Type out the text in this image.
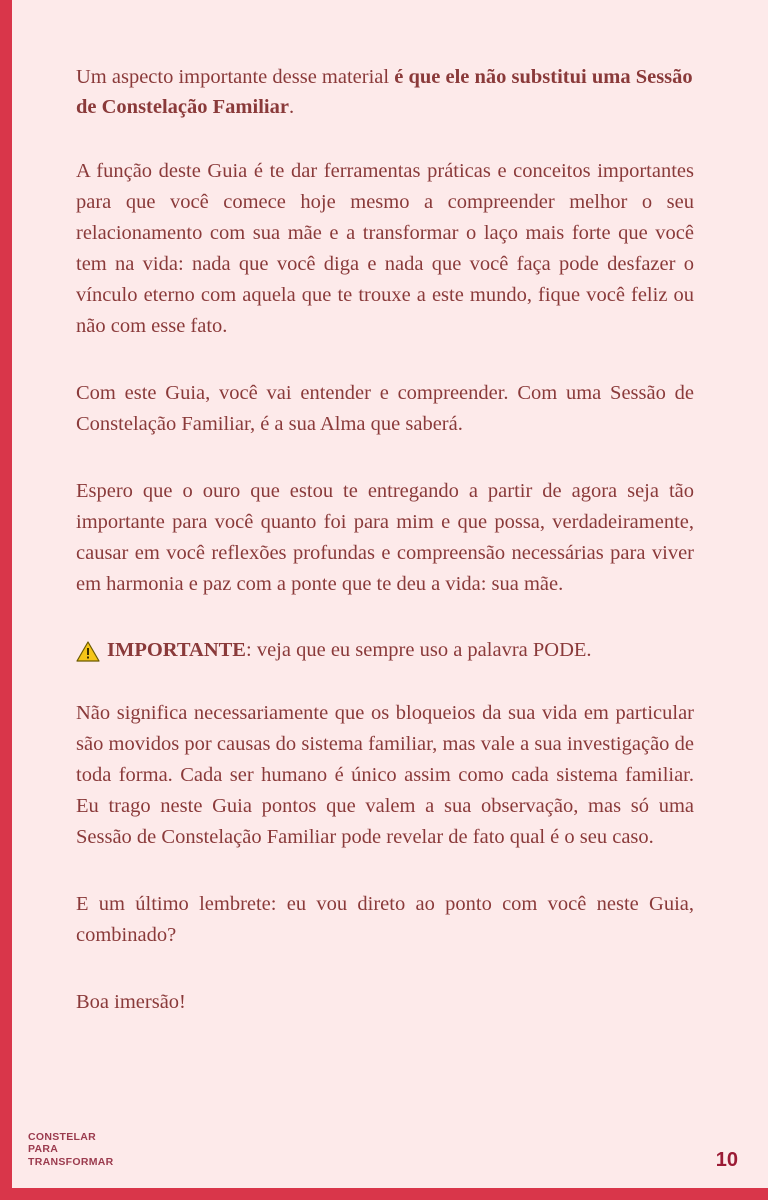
Um aspecto importante desse material é que ele não substitui uma Sessão de Constelação Familiar.

A função deste Guia é te dar ferramentas práticas e conceitos importantes para que você comece hoje mesmo a compreender melhor o seu relacionamento com sua mãe e a transformar o laço mais forte que você tem na vida: nada que você diga e nada que você faça pode desfazer o vínculo eterno com aquela que te trouxe a este mundo, fique você feliz ou não com esse fato.

Com este Guia, você vai entender e compreender. Com uma Sessão de Constelação Familiar, é a sua Alma que saberá.

Espero que o ouro que estou te entregando a partir de agora seja tão importante para você quanto foi para mim e que possa, verdadeiramente, causar em você reflexões profundas e compreensão necessárias para viver em harmonia e paz com a ponte que te deu a vida: sua mãe.

IMPORTANTE: veja que eu sempre uso a palavra PODE.

Não significa necessariamente que os bloqueios da sua vida em particular são movidos por causas do sistema familiar, mas vale a sua investigação de toda forma. Cada ser humano é único assim como cada sistema familiar. Eu trago neste Guia pontos que valem a sua observação, mas só uma Sessão de Constelação Familiar pode revelar de fato qual é o seu caso.

E um último lembrete: eu vou direto ao ponto com você neste Guia, combinado?

Boa imersão!

CONSTELAR
PARA
TRANSFORMAR	10
